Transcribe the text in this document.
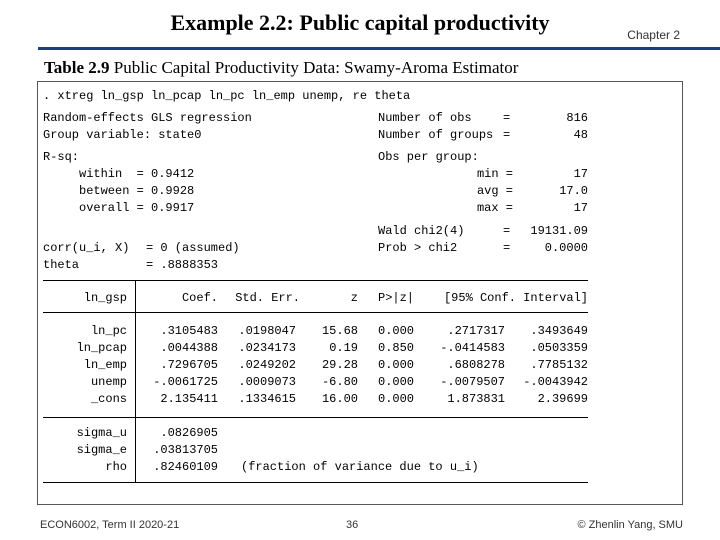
Example 2.2: Public capital productivity	Chapter 2
Table 2.9 Public Capital Productivity Data: Swamy-Aroma Estimator
. xtreg ln_gsp ln_pcap ln_pc ln_emp unemp, re theta
Random-effects GLS regression
Group variable: state0
Number of obs	=	816
Number of groups =	48
R-sq:
within  = 0.9412
between = 0.9928
overall = 0.9917
Obs per group:
min =	17
avg =	17.0
max =	17
Wald chi2(4)	=	19131.09
Prob > chi2	=	0.0000
corr(u_i, X) = 0 (assumed)
theta	= .8888353
ln_gsp	Coef.	Std. Err.	z P>|z|	[95% Conf. Interval]
ln_pc	.3105483	.0198047	15.68 0.000	.2717317	.3493649
ln_pcap	.0044388	.0234173	0.19 0.850	-.0414583	.0503359
ln_emp	.7296705	.0249202	29.28 0.000	.6808278	.7785132
unemp	-.0061725	.0009073	-6.80 0.000	-.0079507	-.0043942
_cons	2.135411	.1334615	16.00 0.000	1.873831	2.39699
sigma_u	.0826905
sigma_e	.03813705
rho	.82460109 (fraction of variance due to u_i)
ECON6002, Term II 2020-21	36	© Zhenlin Yang, SMU
